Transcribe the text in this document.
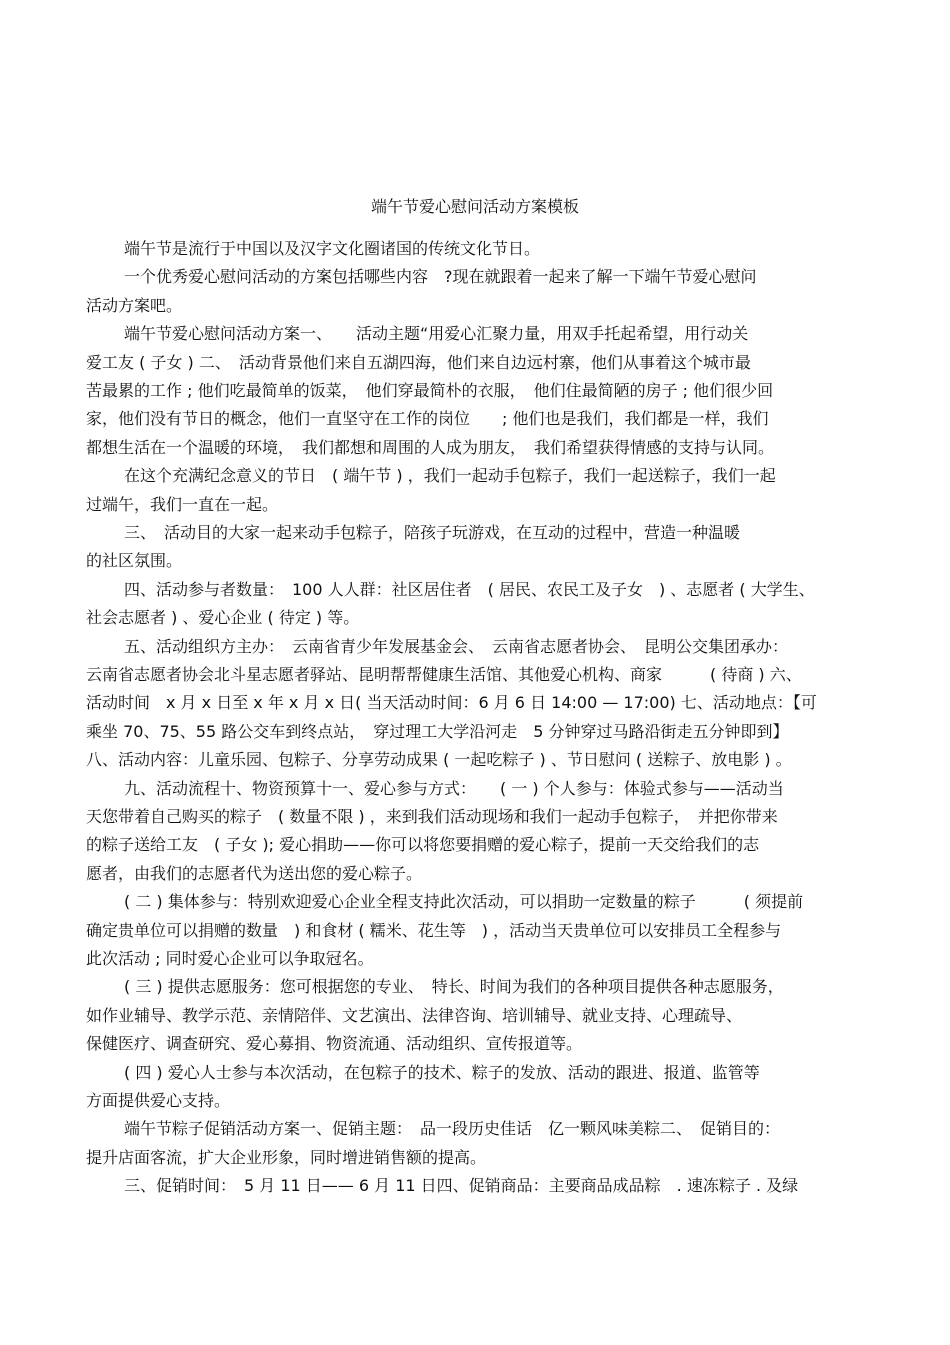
端午节爱心慰问活动方案模板
端午节是流行于中国以及汉字文化圈诸国的传统文化节日。
一个优秀爱心慰问活动的方案包括哪些内容　?现在就跟着一起来了解一下端午节爱心慰问
活动方案吧。
端午节爱心慰问活动方案一、　　活动主题“用爱心汇聚力量，用双手托起希望，用行动关
爱工友 ( 子女 ) 二、　活动背景他们来自五湖四海，他们来自边远村寨，他们从事着这个城市最
苦最累的工作 ; 他们吃最简单的饭菜，　他们穿最简朴的衣服，　他们住最简陋的房子 ; 他们很少回
家，他们没有节日的概念，他们一直坚守在工作的岗位　　; 他们也是我们，我们都是一样，我们
都想生活在一个温暖的环境，　我们都想和周围的人成为朋友，　我们希望获得情感的支持与认同。
在这个充满纪念意义的节日　( 端午节 ) ，我们一起动手包粽子，我们一起送粽子，我们一起
过端午，我们一直在一起。
三、　活动目的大家一起来动手包粽子，陪孩子玩游戏，在互动的过程中，营造一种温暖
的社区氛围。
四、活动参与者数量：　100 人人群：社区居住者　( 居民、农民工及子女　) 、志愿者 ( 大学生、
社会志愿者 ) 、爱心企业 ( 待定 ) 等。
五、活动组织方主办：　云南省青少年发展基金会、　云南省志愿者协会、　昆明公交集团承办：
云南省志愿者协会北斗星志愿者驿站、昆明帮帮健康生活馆、其他爱心机构、商家　　　( 待商 ) 六、
活动时间　x 月 x 日至 x 年 x 月 x 日( 当天活动时间：6 月 6 日 14:00 — 17:00) 七、活动地点：【可
乘坐 70、75、55 路公交车到终点站，　穿过理工大学沿河走　5 分钟穿过马路沿街走五分钟即到】
八、活动内容：儿童乐园、包粽子、分享劳动成果 ( 一起吃粽子 ) 、节日慰问 ( 送粽子、放电影 ) 。
九、活动流程十、物资预算十一、爱心参与方式：　　( 一 ) 个人参与：体验式参与——活动当
天您带着自己购买的粽子　( 数量不限 ) ，来到我们活动现场和我们一起动手包粽子，　并把你带来
的粽子送给工友　( 子女 ); 爱心捐助——你可以将您要捐赠的爱心粽子，提前一天交给我们的志
愿者，由我们的志愿者代为送出您的爱心粽子。
( 二 ) 集体参与：特别欢迎爱心企业全程支持此次活动，可以捐助一定数量的粽子　　　( 须提前
确定贵单位可以捐赠的数量　) 和食材 ( 糯米、花生等　) ，活动当天贵单位可以安排员工全程参与
此次活动 ; 同时爱心企业可以争取冠名。
( 三 ) 提供志愿服务：您可根据您的专业、　特长、时间为我们的各种项目提供各种志愿服务，
如作业辅导、教学示范、亲情陪伴、文艺演出、法律咨询、培训辅导、就业支持、心理疏导、
保健医疗、调查研究、爱心募捐、物资流通、活动组织、宣传报道等。
( 四 ) 爱心人士参与本次活动，在包粽子的技术、粽子的发放、活动的跟进、报道、监管等
方面提供爱心支持。
端午节粽子促销活动方案一、促销主题：　品一段历史佳话　亿一颗风味美粽二、　促销目的：
提升店面客流，扩大企业形象，同时增进销售额的提高。
三、促销时间：　5 月 11 日—— 6 月 11 日四、促销商品：主要商品成品粽　. 速冻粽子 . 及绿
